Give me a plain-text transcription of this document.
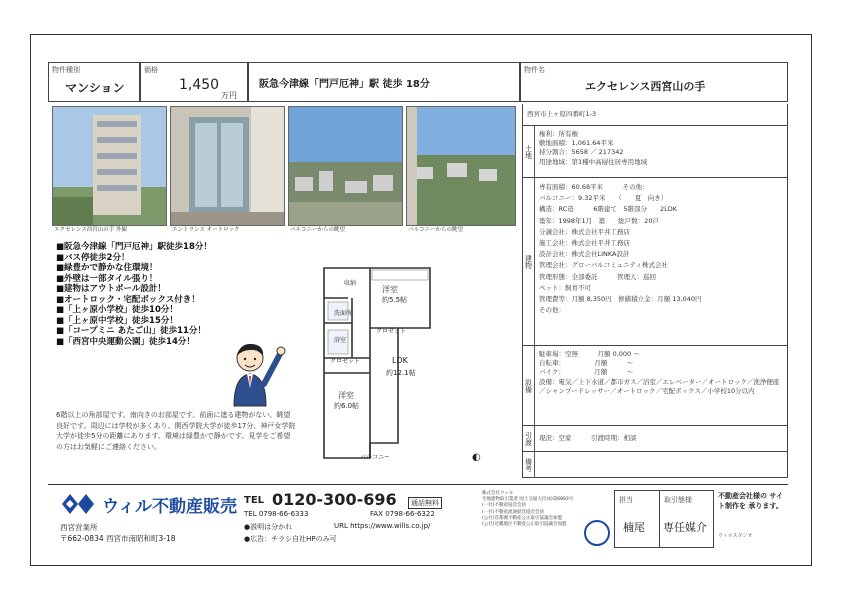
物件種別
マンション
価格
1,450
万円
阪急今津線「門戸厄神」駅 徒歩 18分
物件名
エクセレンス西宮山の手
エクセレンス西宮山の手 外観	エントランス オートロック	バルコニーからの眺望	バルコニーからの眺望
■阪急今津線「門戸厄神」駅徒歩18分！
■バス停徒歩2分！
■緑豊かで静かな住環境！
■外壁は一部タイル張り！
■建物はアウトポール設計！
■オートロック・宅配ボックス付き！
■「上ヶ原小学校」徒歩10分！
■「上ヶ原中学校」徒歩15分！
■「コープミニ あたご山」徒歩11分！
■「西宮中央運動公園」徒歩14分！
6階以上の角部屋です。南向きのお部屋です。前面に遮る建物がない、眺望良好です。周辺には学校が多くあり、関西学院大学が徒歩17分、神戸女学院大学が徒歩5分の距離にあります。環境は緑豊かで静かです。見学をご希望の方はお気軽にご連絡ください。
洋室
約5.5帖
収納
クロゼット
クロゼット
洗面所
浴室
LDK
約12.1帖
洋室
約6.0帖
バルコニー	◐
西宮市上ヶ原四番町1-3
土地
権利：所有権
敷地面積：1,061.64平米
持分割合：5658 ／ 217342
用途地域：第1種中高層住居専用地域
建物
専有面積：60.68平米　　　その他：
バルコニー：9.32平米　　（　　夏　向き）
構造：RC造　　　6階建て　5階部分　　2LDK
築年：1998年1月　築　　総戸数：20戸
分譲会社：株式会社平井工務店
施工会社：株式会社平井工務店
設計会社：株式会社LINKA設計
管理会社：グローバルコミュニティ株式会社
管理形態：全部委託　　　管理人：巡回
ペット：飼育不可
管理費等：月額 8,350円　修繕積立金：月額 13,040円
その他：
設備
駐車場：空無　　　月額 0,000 ～
自転車：　　　　　月額　　　～
バイク：　　　　　月額　　　～
設備：電気／上下水道／都市ガス／浴室／エレベーター／オートロック／洗浄便座／シャンプードレッサー／オートロック／宅配ボックス／小学校10分以内
引渡	現況：空家　　　引渡時期：相談
備考
ウィル不動産販売
西宮営業所
〒662-0834 西宮市南昭和町3-18
TEL 0120-300-696	通話無料
TEL 0798-66-6333	FAX 0798-66-6322
●説明は分かれ	URL https://www.wills.co.jp/
●広告：チラシ自社HPのみ可
株式会社ウィル
宅地建物取引業者 国土交通大臣(4)第6893号
(一社)不動産協会会員
(一社)不動産流通経営協会会員
(公社)首都圏不動産公正取引協議会加盟
(公社)近畿地区不動産公正取引協議会加盟
担当
楠尾
取引態様
専任媒介
不動産会社様の サイト制作を 承ります。
ウィルスタジオ
